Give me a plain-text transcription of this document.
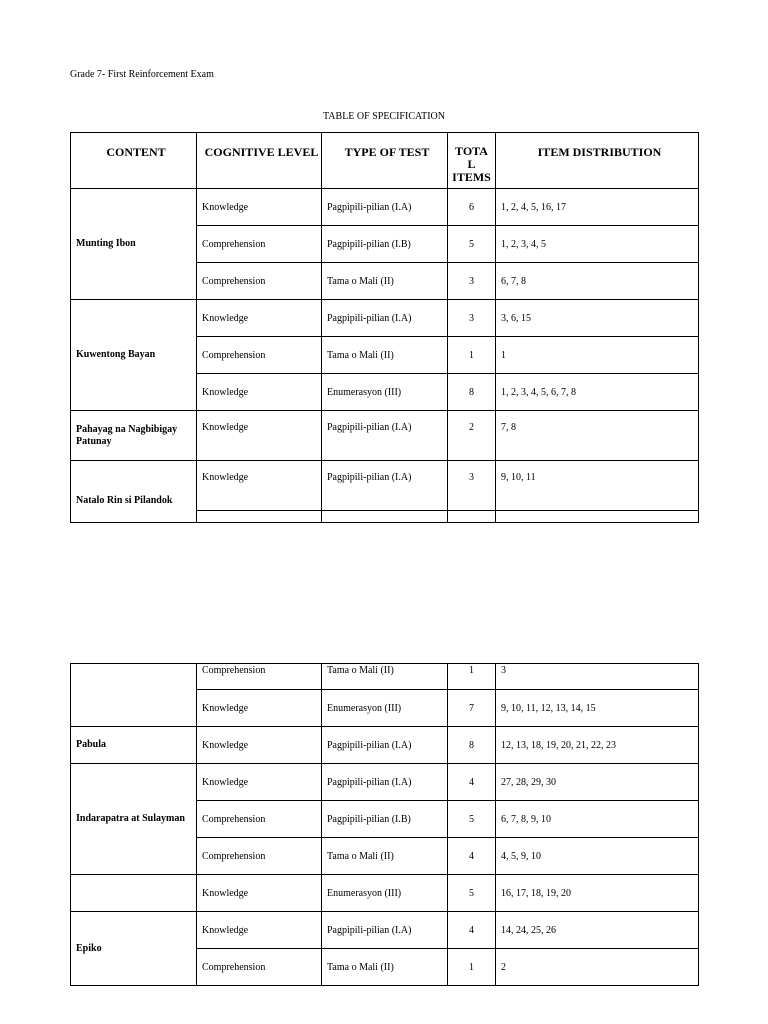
Grade 7- First Reinforcement Exam
TABLE OF SPECIFICATION
CONTENT	COGNITIVE LEVEL	TYPE OF TEST	TOTA
L
ITEMS	ITEM DISTRIBUTION
Munting Ibon	Knowledge	Pagpipili-pilian (I.A)	6	1, 2, 4, 5, 16, 17
	Comprehension	Pagpipili-pilian (I.B)	5	1, 2, 3, 4, 5
	Comprehension	Tama o Mali (II)	3	6, 7, 8
Kuwentong Bayan	Knowledge	Pagpipili-pilian (I.A)	3	3, 6, 15
	Comprehension	Tama o Mali (II)	1	1
	Knowledge	Enumerasyon (III)	8	1, 2, 3, 4, 5, 6, 7, 8
Pahayag na Nagbibigay Patunay	Knowledge	Pagpipili-pilian (I.A)	2	7, 8
Natalo Rin si Pilandok	Knowledge	Pagpipili-pilian (I.A)	3	9, 10, 11

	Comprehension	Tama o Mali (II)	1	3
	Knowledge	Enumerasyon (III)	7	9, 10, 11, 12, 13, 14, 15
Pabula	Knowledge	Pagpipili-pilian (I.A)	8	12, 13, 18, 19, 20, 21, 22, 23
Indarapatra at Sulayman	Knowledge	Pagpipili-pilian (I.A)	4	27, 28, 29, 30
	Comprehension	Pagpipili-pilian (I.B)	5	6, 7, 8, 9, 10
	Comprehension	Tama o Mali (II)	4	4, 5, 9, 10
	Knowledge	Enumerasyon (III)	5	16, 17, 18, 19, 20
Epiko	Knowledge	Pagpipili-pilian (I.A)	4	14, 24, 25, 26
	Comprehension	Tama o Mali (II)	1	2
